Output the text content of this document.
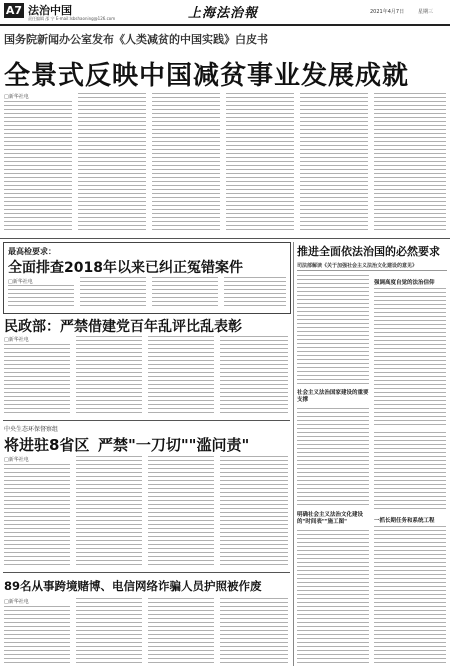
A7 法治中国
责任编辑 邵 宁 E-mail:lsbshaoning@126.com	上海法治報	2021年4月7日	星期三
国务院新闻办公室发布《人类减贫的中国实践》白皮书
全景式反映中国减贫事业发展成就
□新华社电
最高检要求：
全面排查2018年以来已纠正冤错案件
□新华社电
推进全面依法治国的必然要求
司法部解读《关于加强社会主义法治文化建设的意见》
强调高度自觉的法治信仰
社会主义法治国家建设的重要支撑
明确社会主义法治文化建设的"时间表""施工图"	一抓长期任务和系统工程
民政部：严禁借建党百年乱评比乱表彰
□新华社电
中央生态环保督察组
将进驻8省区 严禁"一刀切""滥问责"
□新华社电
89名从事跨境赌博、电信网络诈骗人员护照被作废
□新华社电
